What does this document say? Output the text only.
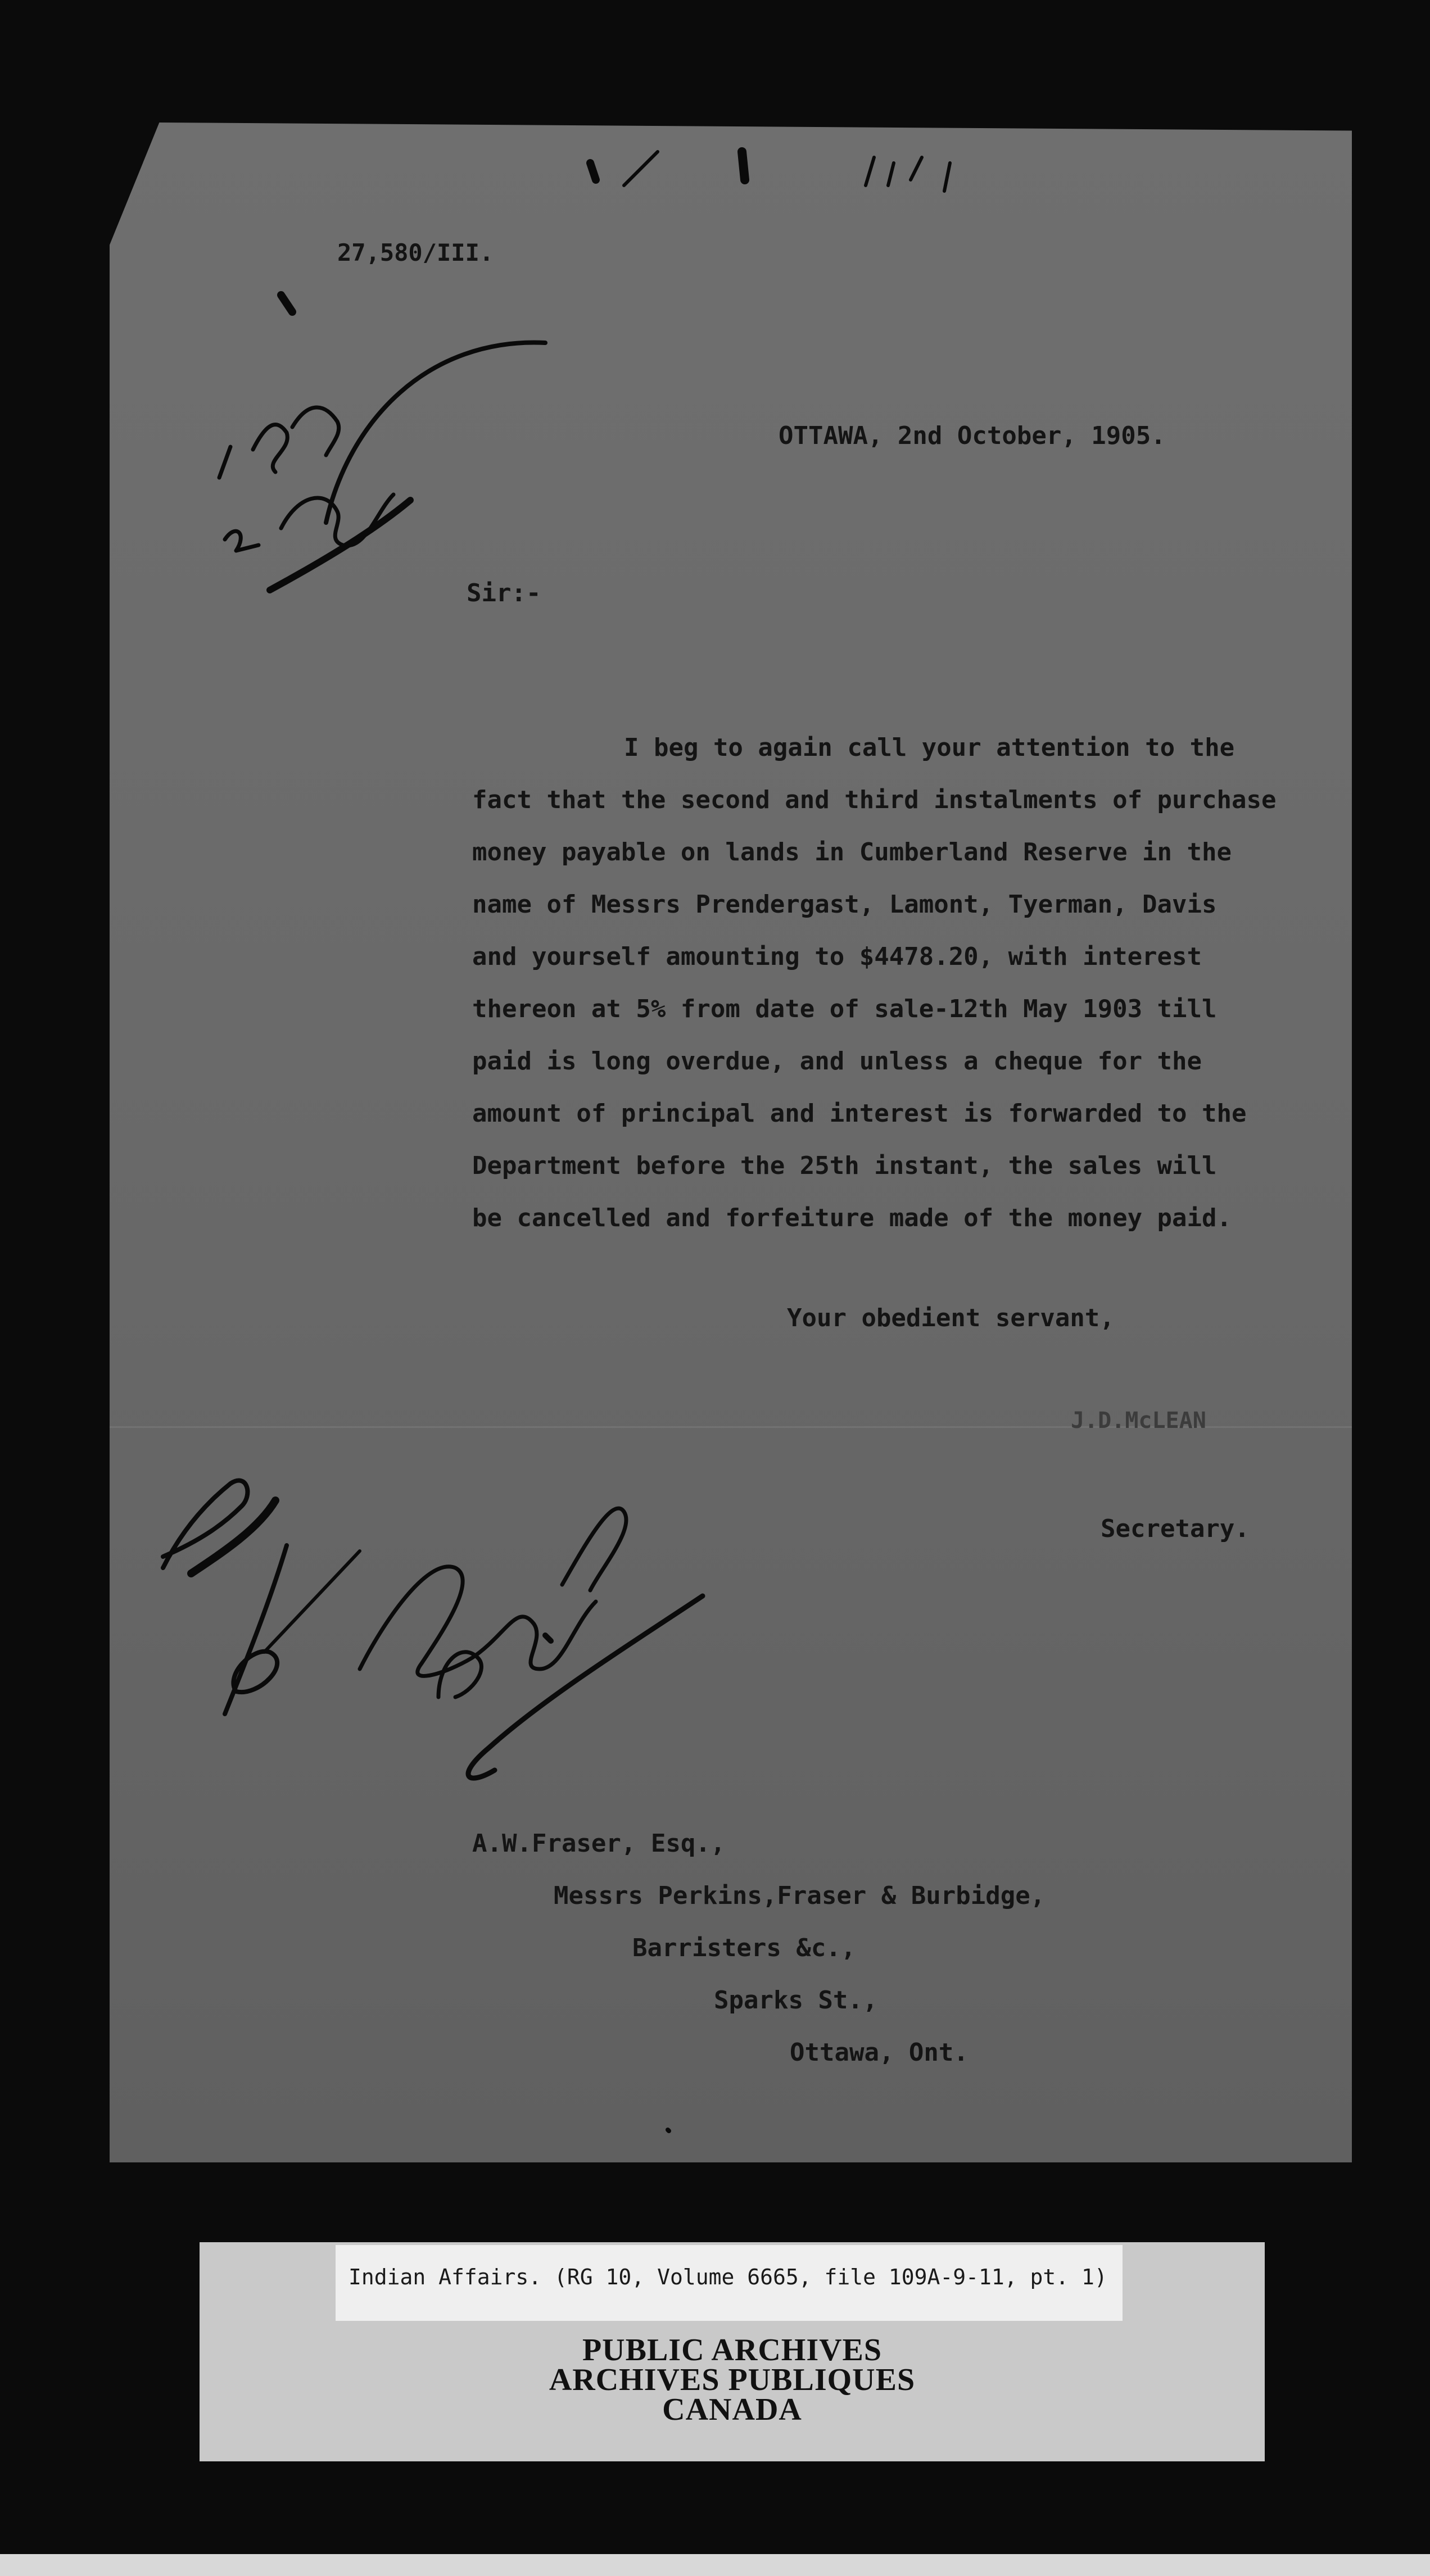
27,580/III.
OTTAWA, 2nd October, 1905.
Sir:-
I beg to again call your attention to the
fact that the second and third instalments of purchase
money payable on lands in Cumberland Reserve in the
name of Messrs Prendergast, Lamont, Tyerman, Davis
and yourself amounting to $4478.20, with interest
thereon at 5% from date of sale-12th May 1903 till
paid is long overdue, and unless a cheque for the
amount of principal and interest is forwarded to the
Department before the 25th instant, the sales will
be cancelled and forfeiture made of the money paid.
Your obedient servant,
J.D.McLEAN
Secretary.
A.W.Fraser, Esq.,
Messrs Perkins,Fraser & Burbidge,
Barristers &c.,
Sparks St.,
Ottawa, Ont.
Indian Affairs. (RG 10, Volume 6665, file 109A-9-11, pt. 1)
PUBLIC ARCHIVES
ARCHIVES PUBLIQUES
CANADA
